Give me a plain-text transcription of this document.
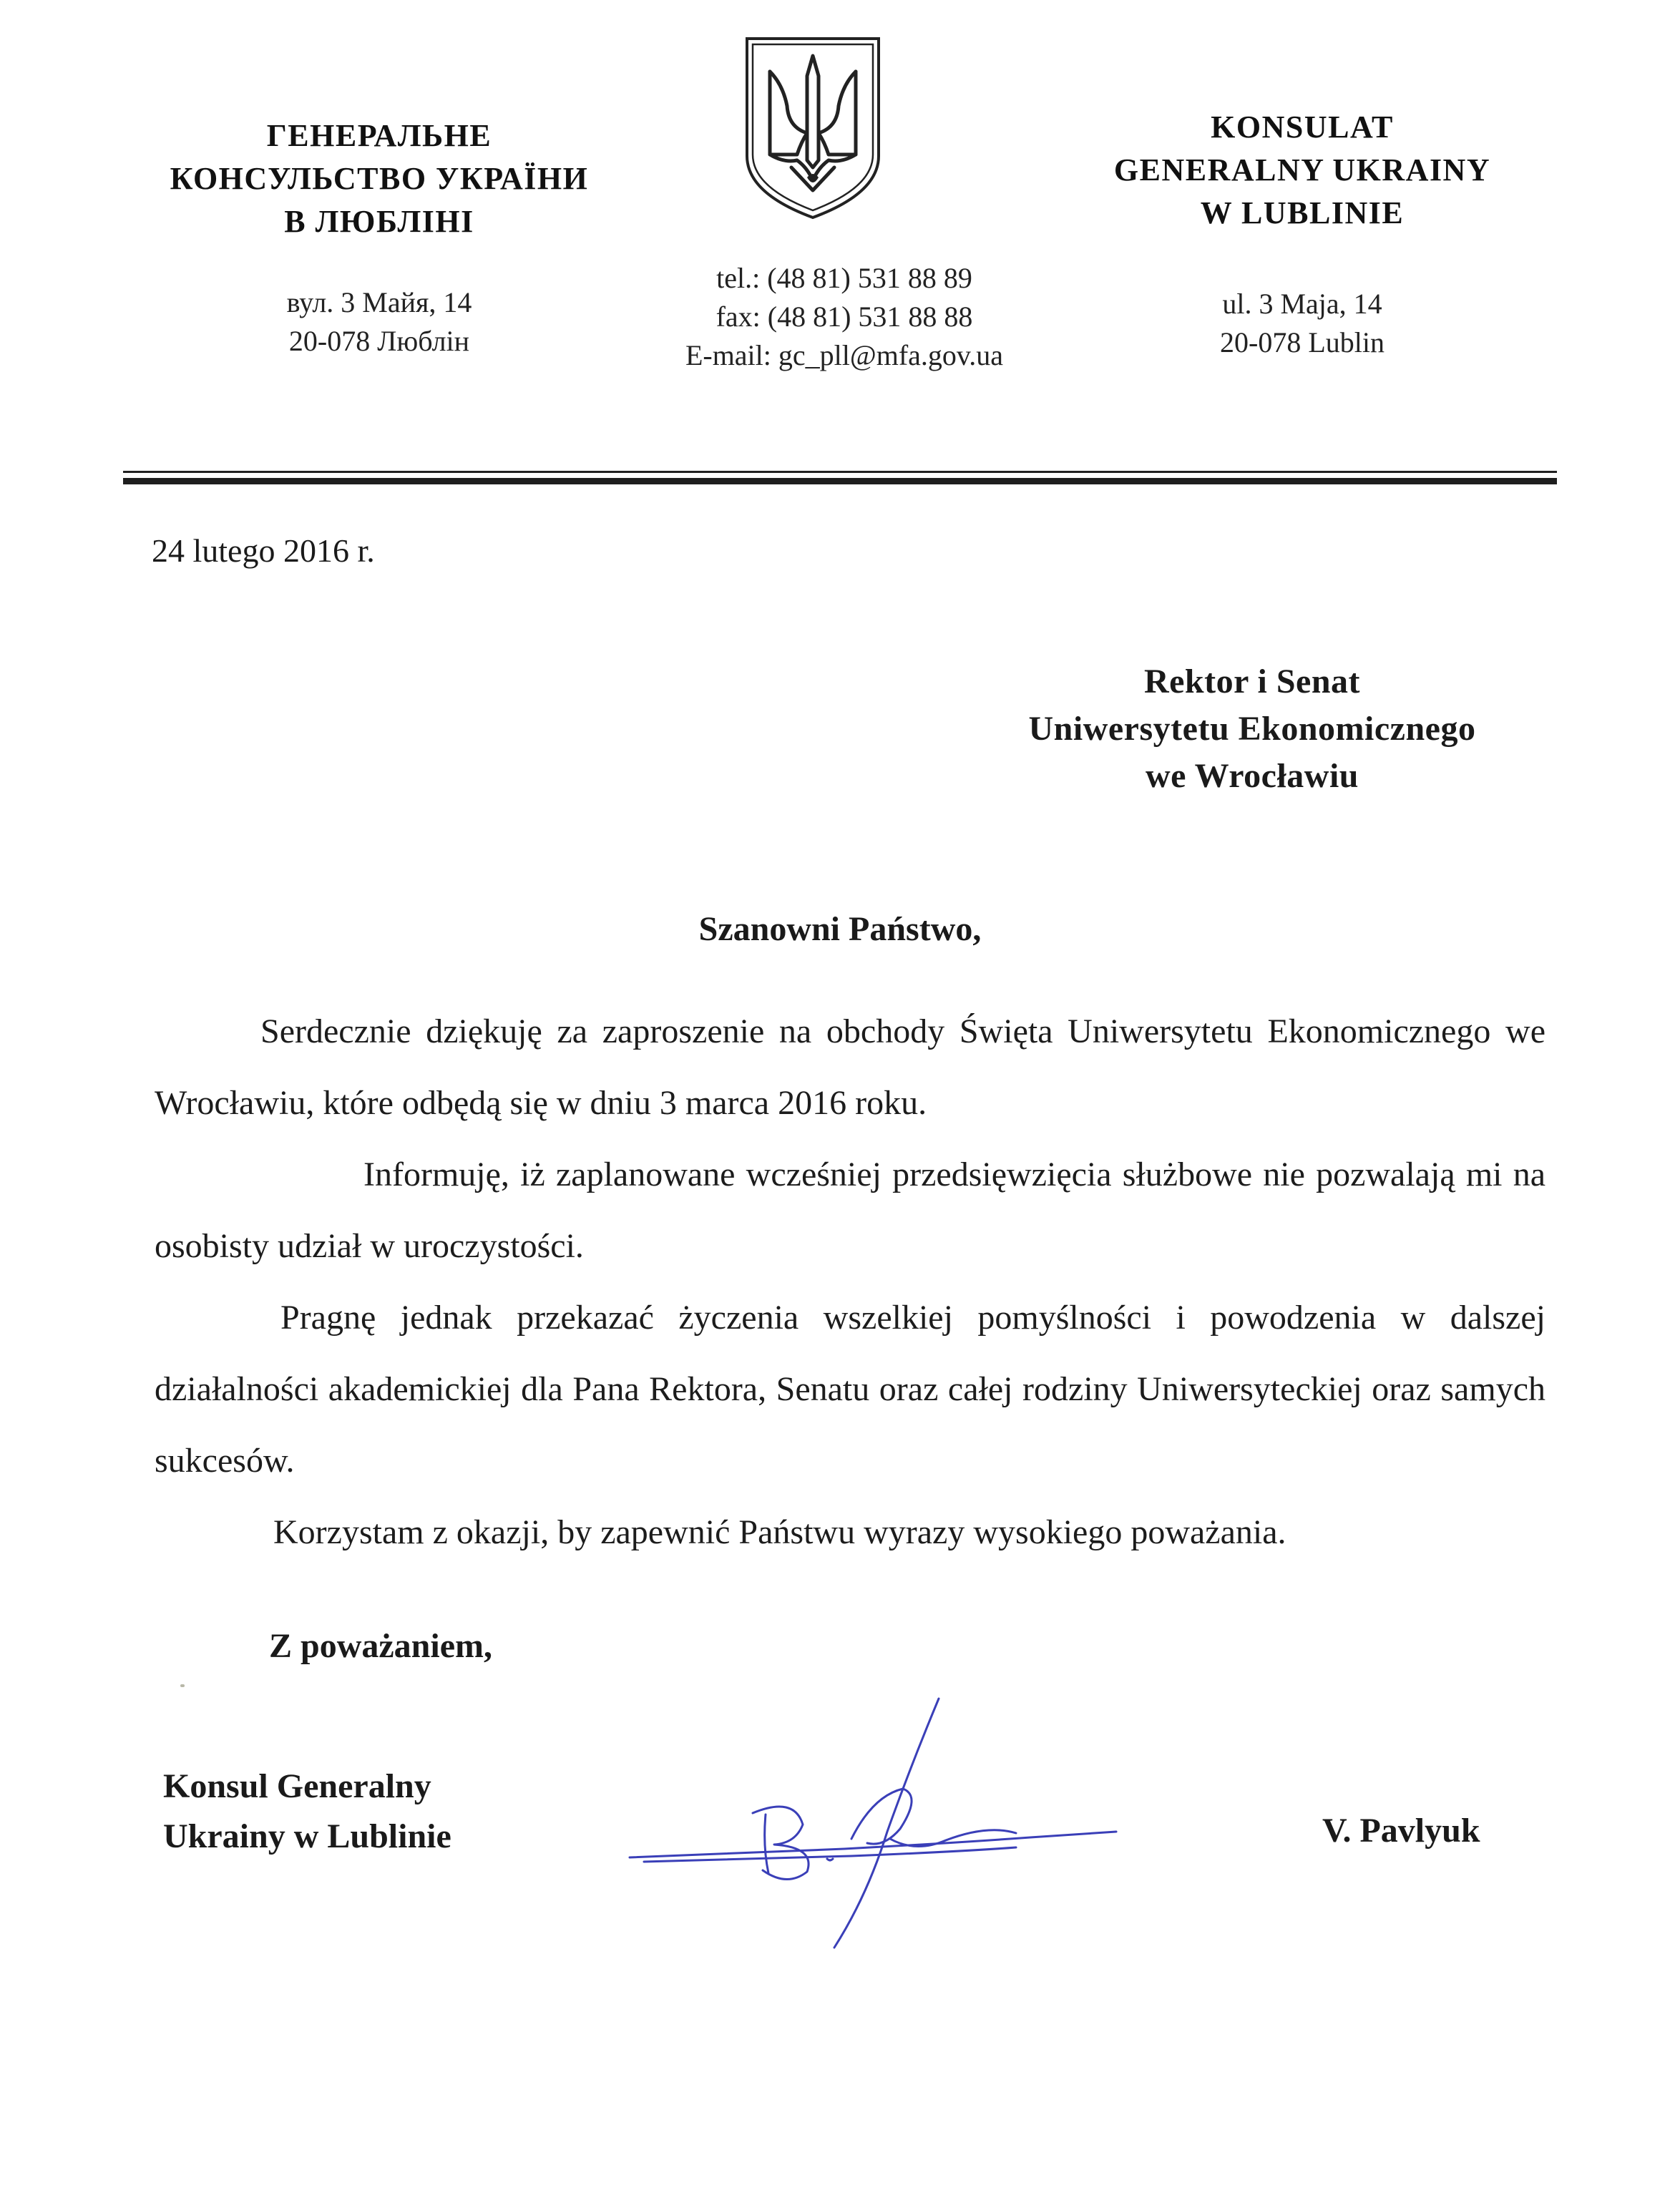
ГЕНЕРАЛЬНЕ
КОНСУЛЬСТВО УКРАЇНИ
В ЛЮБЛІНІ
вул. 3 Майя, 14
20-078 Люблін
tel.: (48 81) 531 88 89
fax: (48 81) 531 88 88
E-mail: gc_pll@mfa.gov.ua
KONSULAT
GENERALNY UKRAINY
W LUBLINIE
ul. 3 Maja, 14
20-078 Lublin
24 lutego 2016 r.
Rektor i Senat
Uniwersytetu Ekonomicznego
we Wrocławiu
Szanowni Państwo,

Serdecznie dziękuję za zaproszenie na obchody Święta Uniwersytetu Ekonomicznego we Wrocławiu, które odbędą się w dniu 3 marca 2016 roku.

Informuję, iż zaplanowane wcześniej przedsięwzięcia służbowe nie pozwalają mi na osobisty udział w uroczystości.

Pragnę jednak przekazać życzenia wszelkiej pomyślności i powodzenia w dalszej działalności akademickiej dla Pana Rektora, Senatu oraz całej rodziny Uniwersyteckiej oraz samych sukcesów.

Korzystam z okazji, by zapewnić Państwu wyrazy wysokiego poważania.

Z poważaniem,
Konsul Generalny
Ukrainy w Lublinie	V. Pavlyuk
